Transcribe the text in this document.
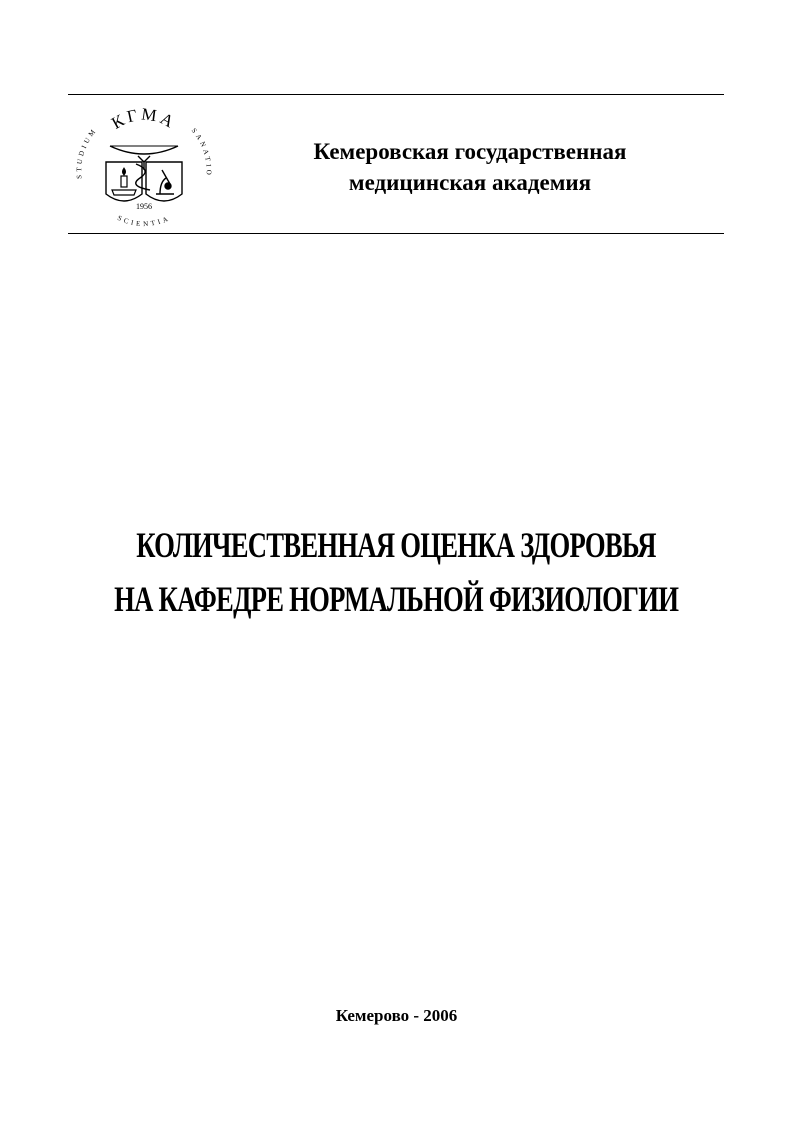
КГМА
STUDIUM	SANATIO
SCIENTIA
1956
Кемеровская государственная
медицинская академия
КОЛИЧЕСТВЕННАЯ ОЦЕНКА ЗДОРОВЬЯ
НА КАФЕДРЕ НОРМАЛЬНОЙ ФИЗИОЛОГИИ
Кемерово - 2006
